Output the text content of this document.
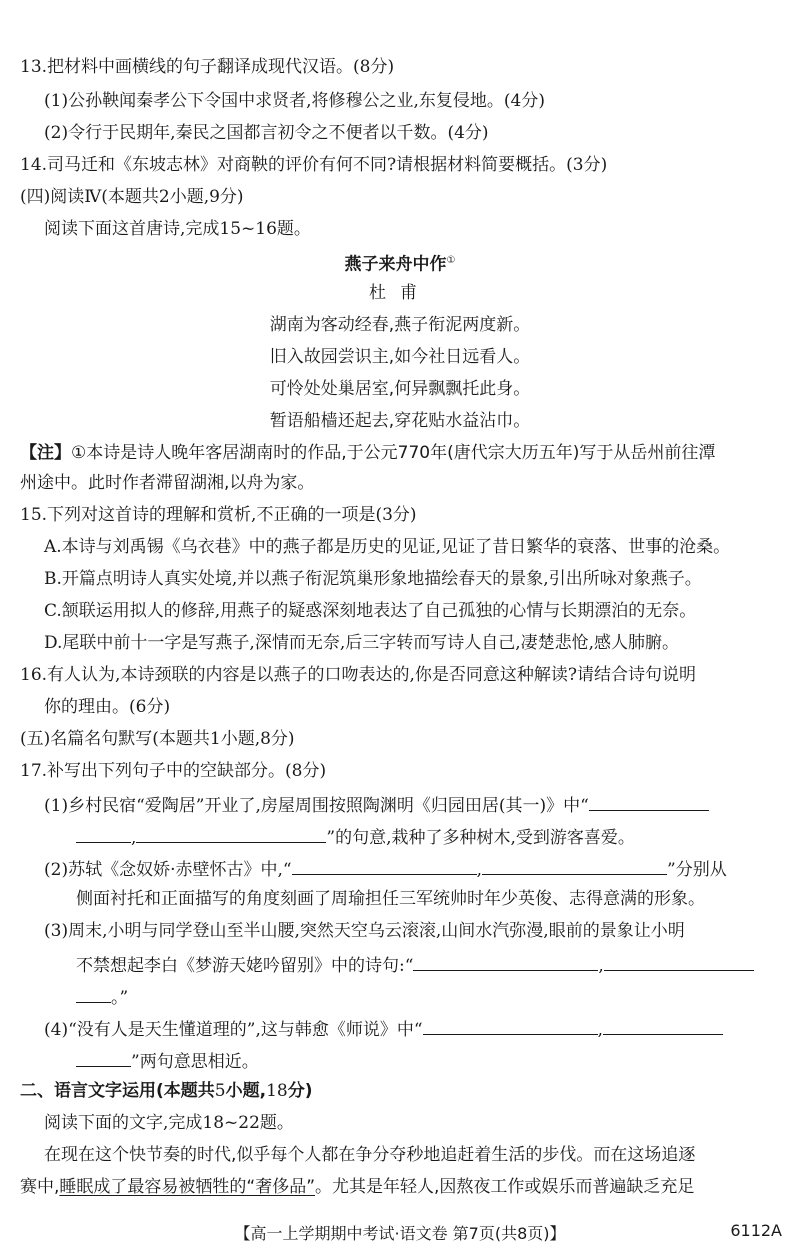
13.把材料中画横线的句子翻译成现代汉语。(8分)
(1)公孙鞅闻秦孝公下令国中求贤者,将修穆公之业,东复侵地。(4分)
(2)令行于民期年,秦民之国都言初令之不便者以千数。(4分)
14.司马迁和《东坡志林》对商鞅的评价有何不同?请根据材料简要概括。(3分)
(四)阅读Ⅳ(本题共2小题,9分)
阅读下面这首唐诗,完成15~16题。
燕子来舟中作①
杜甫
湖南为客动经春,燕子衔泥两度新。
旧入故园尝识主,如今社日远看人。
可怜处处巢居室,何异飘飘托此身。
暂语船樯还起去,穿花贴水益沾巾。
【注】①本诗是诗人晚年客居湖南时的作品,于公元770年(唐代宗大历五年)写于从岳州前往潭
州途中。此时作者滞留湖湘,以舟为家。
15.下列对这首诗的理解和赏析,不正确的一项是(3分)
A.本诗与刘禹锡《乌衣巷》中的燕子都是历史的见证,见证了昔日繁华的衰落、世事的沧桑。
B.开篇点明诗人真实处境,并以燕子衔泥筑巢形象地描绘春天的景象,引出所咏对象燕子。
C.颔联运用拟人的修辞,用燕子的疑惑深刻地表达了自己孤独的心情与长期漂泊的无奈。
D.尾联中前十一字是写燕子,深情而无奈,后三字转而写诗人自己,凄楚悲怆,感人肺腑。
16.有人认为,本诗颈联的内容是以燕子的口吻表达的,你是否同意这种解读?请结合诗句说明
你的理由。(6分)
(五)名篇名句默写(本题共1小题,8分)
17.补写出下列句子中的空缺部分。(8分)
(1)乡村民宿“爱陶居”开业了,房屋周围按照陶渊明《归园田居(其一)》中“
,	”的句意,栽种了多种树木,受到游客喜爱。
(2)苏轼《念奴娇·赤壁怀古》中,“	,	”分别从
侧面衬托和正面描写的角度刻画了周瑜担任三军统帅时年少英俊、志得意满的形象。
(3)周末,小明与同学登山至半山腰,突然天空乌云滚滚,山间水汽弥漫,眼前的景象让小明
不禁想起李白《梦游天姥吟留别》中的诗句:“	,
。”
(4)“没有人是天生懂道理的”,这与韩愈《师说》中“	,
”两句意思相近。
二、语言文字运用(本题共5小题,18分)
阅读下面的文字,完成18~22题。
在现在这个快节奏的时代,似乎每个人都在争分夺秒地追赶着生活的步伐。而在这场追逐
赛中,睡眠成了最容易被牺牲的“奢侈品”。尤其是年轻人,因熬夜工作或娱乐而普遍缺乏充足
【高一上学期期中考试·语文卷 第7页(共8页)】	6112A
